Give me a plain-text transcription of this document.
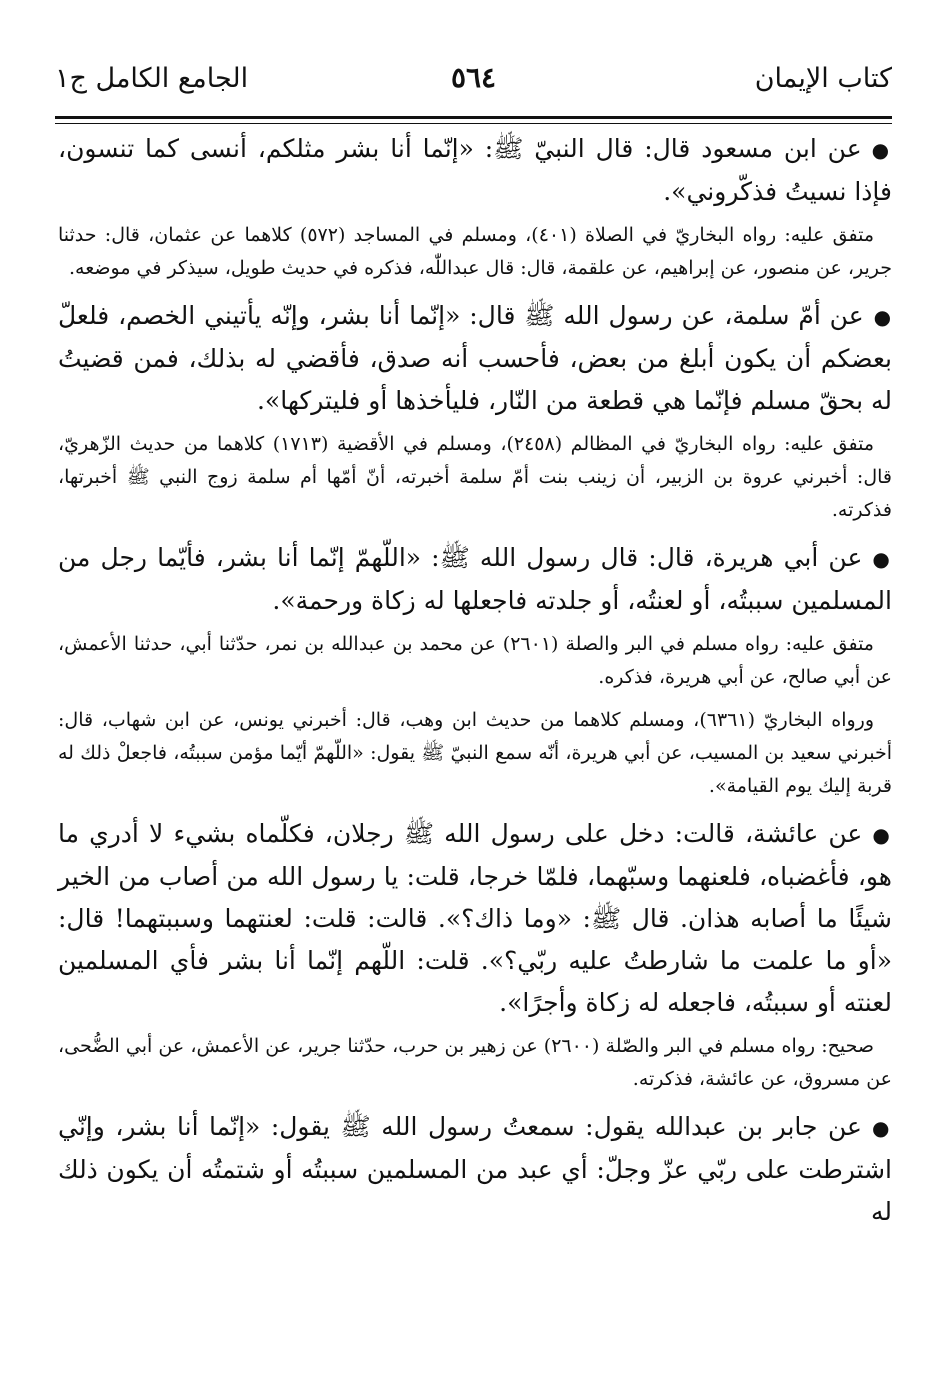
كتاب الإيمان
٥٦٤
الجامع الكامل ج١

●عن ابن مسعود قال: قال النبيّ ﷺ: «إنّما أنا بشر مثلكم، أنسى كما تنسون، فإذا نسيتُ فذكّروني».

متفق عليه: رواه البخاريّ في الصلاة (٤٠١)، ومسلم في المساجد (٥٧٢) كلاهما عن عثمان، قال: حدثنا جرير، عن منصور، عن إبراهيم، عن علقمة، قال: قال عبداللّٰه، فذكره في حديث طويل، سيذكر في موضعه.

●عن أمّ سلمة، عن رسول الله ﷺ قال: «إنّما أنا بشر، وإنّه يأتيني الخصم، فلعلّ بعضكم أن يكون أبلغ من بعض، فأحسب أنه صدق، فأقضي له بذلك، فمن قضيتُ له بحقّ مسلم فإنّما هي قطعة من النّار، فليأخذها أو فليتركها».

متفق عليه: رواه البخاريّ في المظالم (٢٤٥٨)، ومسلم في الأقضية (١٧١٣) كلاهما من حديث الزّهريّ، قال: أخبرني عروة بن الزبير، أن زينب بنت أمّ سلمة أخبرته، أنّ أمّها أم سلمة زوج النبي ﷺ أخبرتها، فذكرته.

●عن أبي هريرة، قال: قال رسول الله ﷺ: «اللّهمّ إنّما أنا بشر، فأيّما رجل من المسلمين سببتُه، أو لعنتُه، أو جلدته فاجعلها له زكاة ورحمة».

متفق عليه: رواه مسلم في البر والصلة (٢٦٠١) عن محمد بن عبدالله بن نمر، حدّثنا أبي، حدثنا الأعمش، عن أبي صالح، عن أبي هريرة، فذكره.

ورواه البخاريّ (٦٣٦١)، ومسلم كلاهما من حديث ابن وهب، قال: أخبرني يونس، عن ابن شهاب، قال: أخبرني سعيد بن المسيب، عن أبي هريرة، أنّه سمع النبيّ ﷺ يقول: «اللّهمّ أيّما مؤمن سببتُه، فاجعلْ ذلك له قربة إليك يوم القيامة».

●عن عائشة، قالت: دخل على رسول الله ﷺ رجلان، فكلّماه بشيء لا أدري ما هو، فأغضباه، فلعنهما وسبّهما، فلمّا خرجا، قلت: يا رسول الله من أصاب من الخير شيئًا ما أصابه هذان. قال ﷺ: «وما ذاك؟». قالت: قلت: لعنتهما وسببتهما! قال: «أو ما علمت ما شارطتُ عليه ربّي؟». قلت: اللّهم إنّما أنا بشر فأي المسلمين لعنته أو سببتُه، فاجعله له زكاة وأجرًا».

صحيح: رواه مسلم في البر والصّلة (٢٦٠٠) عن زهير بن حرب، حدّثنا جرير، عن الأعمش، عن أبي الضُّحى، عن مسروق، عن عائشة، فذكرته.

●عن جابر بن عبدالله يقول: سمعتُ رسول الله ﷺ يقول: «إنّما أنا بشر، وإنّي اشترطت على ربّي عزّ وجلّ: أي عبد من المسلمين سببتُه أو شتمتُه أن يكون ذلك له
